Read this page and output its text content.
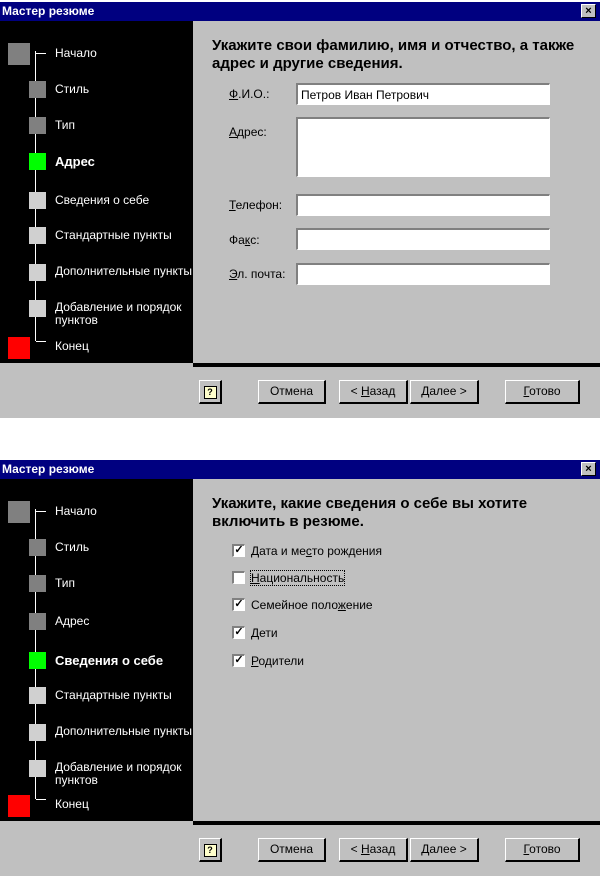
Мастер резюме	×
Начало
Стиль
Тип
Адрес
Сведения о себе
Стандартные пункты
Дополнительные пункты
Добавление и порядок пунктов
Конец
Укажите свои фамилию, имя и отчество, а также адрес и другие сведения.
Ф.И.О.:	Петров Иван Петрович
Адрес:
Телефон:
Факс:
Эл. почта:
?	Отмена	< Назад	Далее >	Готово
Мастер резюме	×
Начало
Стиль
Тип
Адрес
Сведения о себе
Стандартные пункты
Дополнительные пункты
Добавление и порядок пунктов
Конец
Укажите, какие сведения о себе вы хотите включить в резюме.
✓ Дата и место рождения
Национальность
✓ Семейное положение
✓ Дети
✓ Родители
?	Отмена	< Назад	Далее >	Готово
